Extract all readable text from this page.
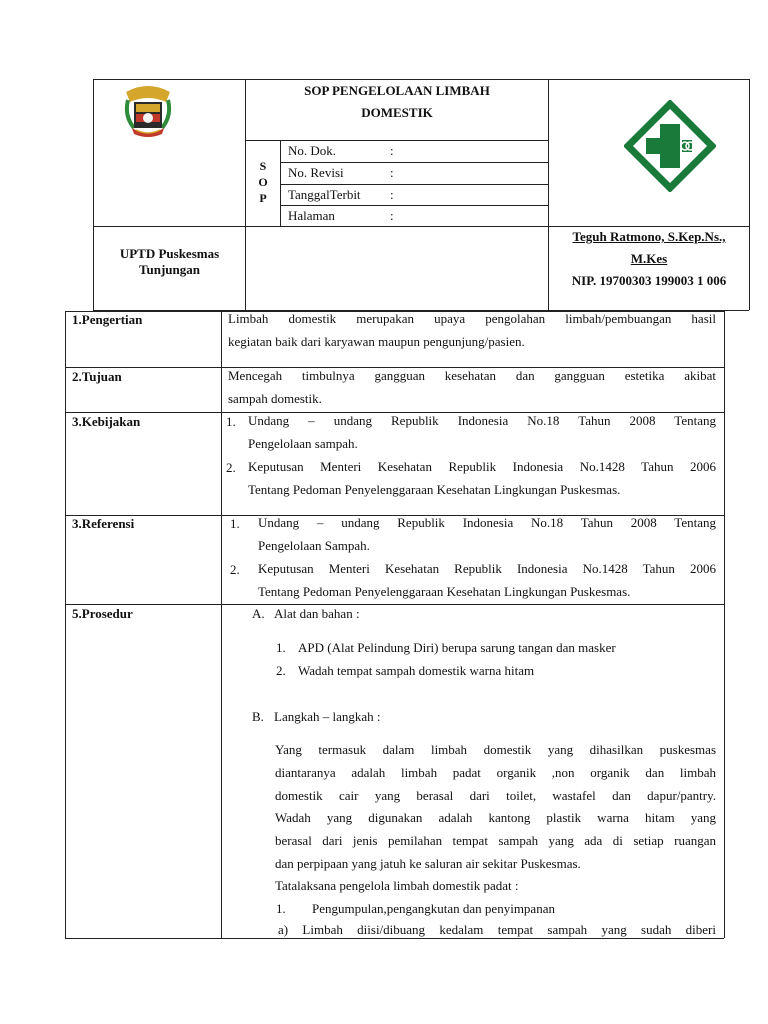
SOP PENGELOLAAN LIMBAH
DOMESTIK
S
O
P
No. Dok.	:
No. Revisi	:
TanggalTerbit :
Halaman	:
UPTD Puskesmas
Tunjungan
Teguh Ratmono, S.Kep.Ns.,
M.Kes
NIP. 19700303 199003 1 006
1.Pengertian	Limbah domestik merupakan upaya pengolahan limbah/pembuangan hasil
kegiatan baik dari karyawan maupun pengunjung/pasien.
2.Tujuan	Mencegah timbulnya gangguan kesehatan dan gangguan estetika akibat
sampah domestik.
3.Kebijakan	1. Undang – undang Republik Indonesia No.18 Tahun 2008 Tentang
Pengelolaan sampah.
2. Keputusan Menteri Kesehatan Republik Indonesia No.1428 Tahun 2006
Tentang Pedoman Penyelenggaraan Kesehatan Lingkungan Puskesmas.
3.Referensi	1. Undang – undang Republik Indonesia No.18 Tahun 2008 Tentang
Pengelolaan Sampah.
2. Keputusan Menteri Kesehatan Republik Indonesia No.1428 Tahun 2006
Tentang Pedoman Penyelenggaraan Kesehatan Lingkungan Puskesmas.
5.Prosedur	A. Alat dan bahan :
1. APD (Alat Pelindung Diri) berupa sarung tangan dan masker
2. Wadah tempat sampah domestik warna hitam
B. Langkah – langkah :
Yang termasuk dalam limbah domestik yang dihasilkan puskesmas
diantaranya adalah limbah padat organik ,non organik dan limbah
domestik cair yang berasal dari toilet, wastafel dan dapur/pantry.
Wadah yang digunakan adalah kantong plastik warna hitam yang
berasal dari jenis pemilahan tempat sampah yang ada di setiap ruangan
dan perpipaan yang jatuh ke saluran air sekitar Puskesmas.
Tatalaksana pengelola limbah domestik padat :
1. Pengumpulan,pengangkutan dan penyimpanan
a) Limbah diisi/dibuang kedalam tempat sampah yang sudah diberi
